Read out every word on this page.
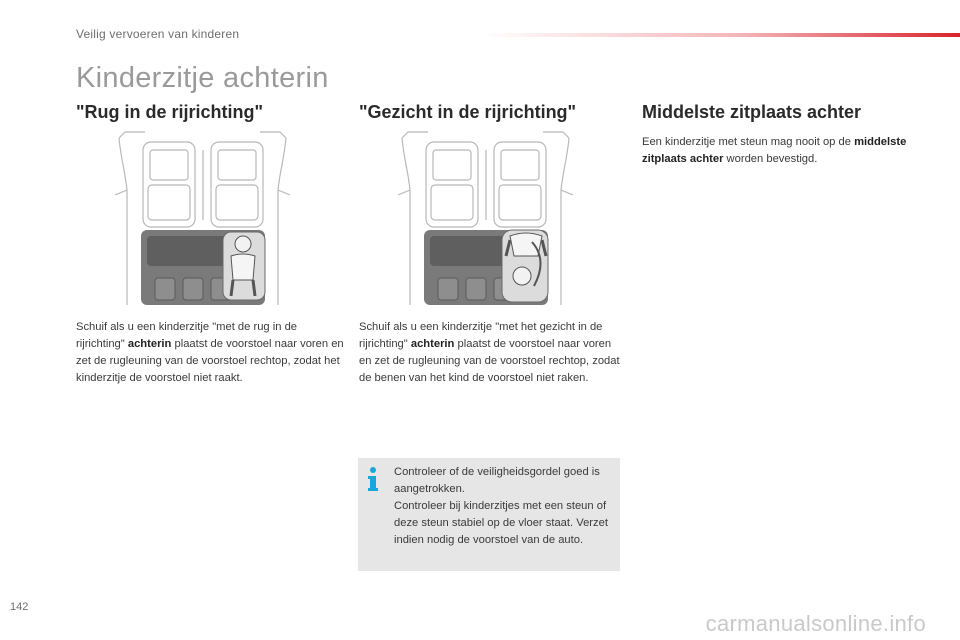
Veilig vervoeren van kinderen
Kinderzitje achterin
"Rug in de rijrichting"
Schuif als u een kinderzitje "met de rug in de rijrichting" achterin plaatst de voorstoel naar voren en zet de rugleuning van de voorstoel rechtop, zodat het kinderzitje de voorstoel niet raakt.
"Gezicht in de rijrichting"
Schuif als u een kinderzitje "met het gezicht in de rijrichting" achterin plaatst de voorstoel naar voren en zet de rugleuning van de voorstoel rechtop, zodat de benen van het kind de voorstoel niet raken.
Middelste zitplaats achter
Een kinderzitje met steun mag nooit op de middelste zitplaats achter worden bevestigd.
Controleer of de veiligheidsgordel goed is aangetrokken.
Controleer bij kinderzitjes met een steun of deze steun stabiel op de vloer staat. Verzet indien nodig de voorstoel van de auto.
142
carmanualsonline.info
